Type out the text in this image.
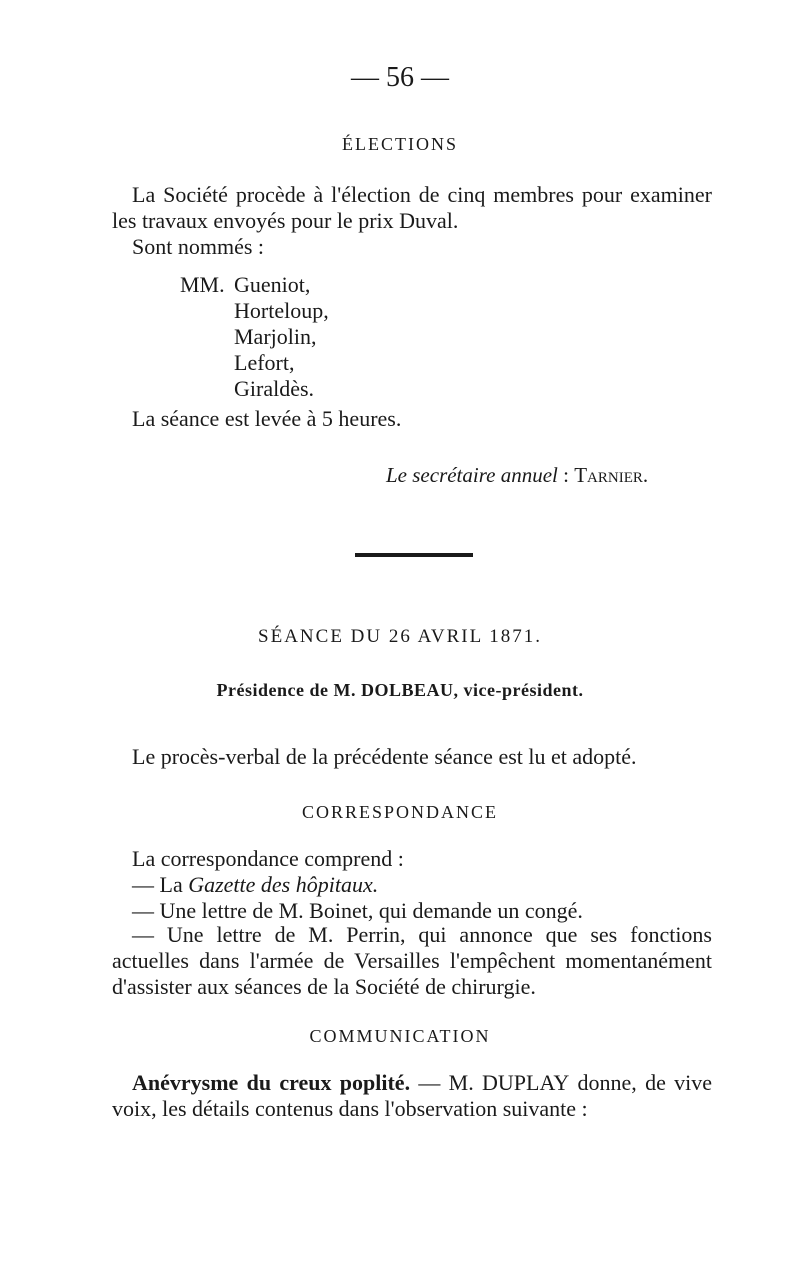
— 56 —
ÉLECTIONS
La Société procède à l'élection de cinq membres pour examiner les travaux envoyés pour le prix Duval.
Sont nommés :
MM. Gueniot,
Horteloup,
Marjolin,
Lefort,
Giraldès.
La séance est levée à 5 heures.
Le secrétaire annuel : Tarnier.
SÉANCE DU 26 AVRIL 1871.
Présidence de M. DOLBEAU, vice-président.
Le procès-verbal de la précédente séance est lu et adopté.
CORRESPONDANCE
La correspondance comprend :
— La Gazette des hôpitaux.
— Une lettre de M. Boinet, qui demande un congé.
— Une lettre de M. Perrin, qui annonce que ses fonctions actuelles dans l'armée de Versailles l'empêchent momentanément d'assister aux séances de la Société de chirurgie.
COMMUNICATION
Anévrysme du creux poplité. — M. DUPLAY donne, de vive voix, les détails contenus dans l'observation suivante :
